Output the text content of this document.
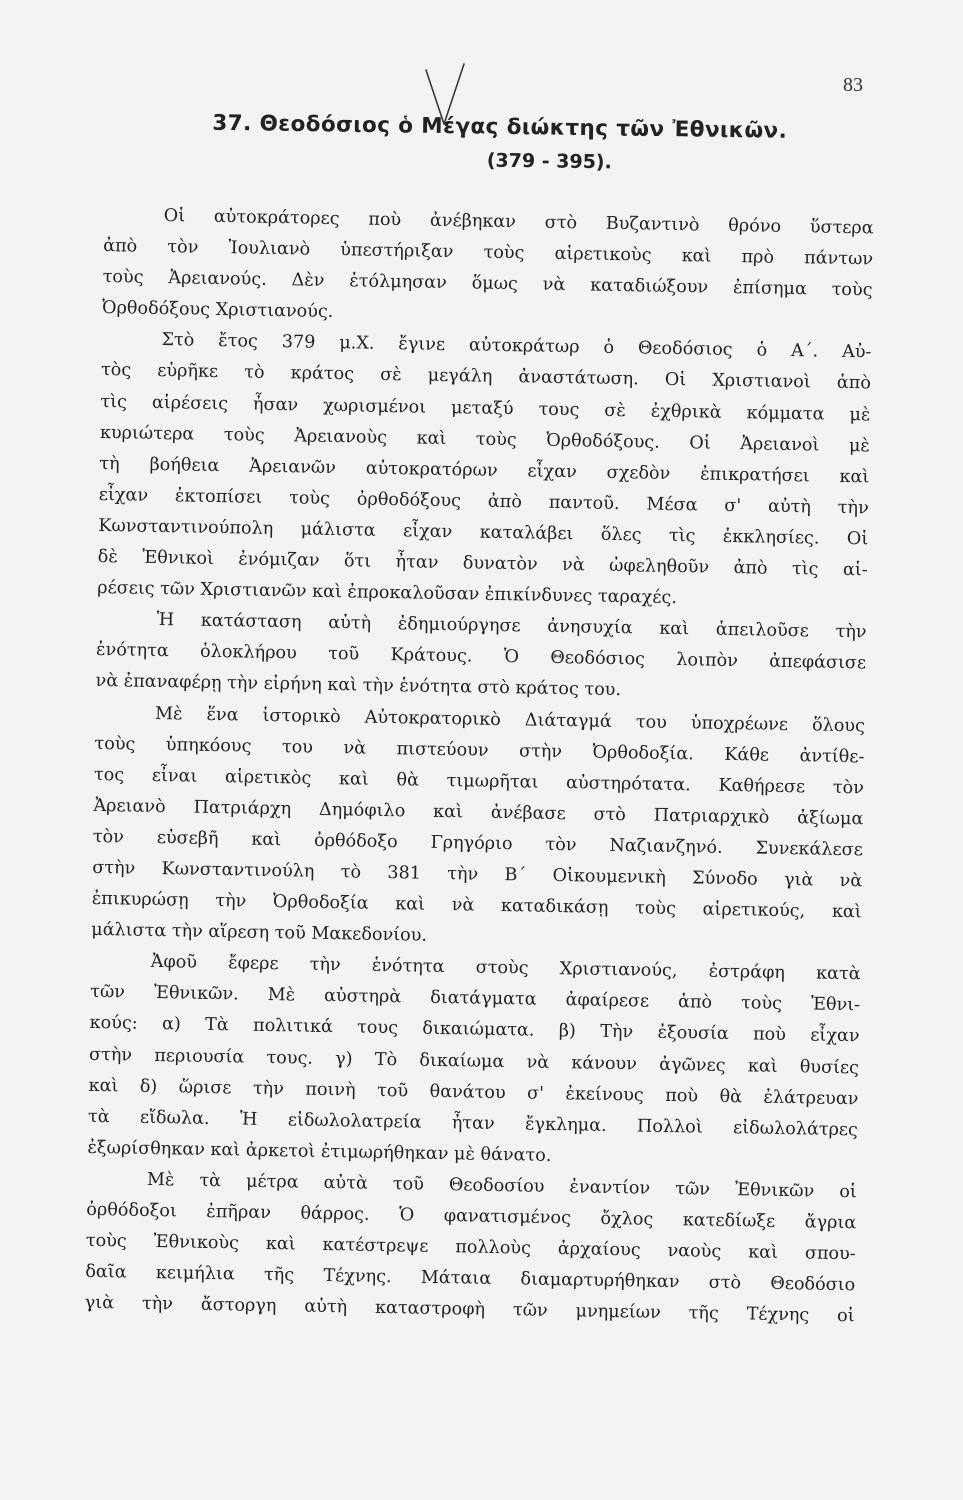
83
37. Θεοδόσιος ὁ Μέγας διώκτης τῶν Ἐθνικῶν.
(379 - 395).
Οἱ αὐτοκράτορες ποὺ ἀνέβηκαν στὸ Βυζαντινὸ θρόνο ὕστερα
ἀπὸ τὸν Ἰουλιανὸ ὑπεστήριξαν τοὺς αἱρετικοὺς καὶ πρὸ πάντων
τοὺς Ἀρειανούς. Δὲν ἐτόλμησαν ὅμως νὰ καταδιώξουν ἐπίσημα τοὺς
Ὀρθοδόξους Χριστιανούς.
Στὸ ἔτος 379 μ.Χ. ἔγινε αὐτοκράτωρ ὁ Θεοδόσιος ὁ Α΄. Αὐ-
τὸς εὑρῆκε τὸ κράτος σὲ μεγάλη ἀναστάτωση. Οἱ Χριστιανοὶ ἀπὸ
τὶς αἱρέσεις ἦσαν χωρισμένοι μεταξύ τους σὲ ἐχθρικὰ κόμματα μὲ
κυριώτερα τοὺς Ἀρειανοὺς καὶ τοὺς Ὀρθοδόξους. Οἱ Ἀρειανοὶ μὲ
τὴ βοήθεια Ἀρειανῶν αὐτοκρατόρων εἶχαν σχεδὸν ἐπικρατήσει καὶ
εἶχαν ἐκτοπίσει τοὺς ὀρθοδόξους ἀπὸ παντοῦ. Μέσα σ' αὐτὴ τὴν
Κωνσταντινούπολη μάλιστα εἶχαν καταλάβει ὅλες τὶς ἐκκλησίες. Οἱ
δὲ Ἐθνικοὶ ἐνόμιζαν ὅτι ἦταν δυνατὸν νὰ ὠφεληθοῦν ἀπὸ τὶς αἱ-
ρέσεις τῶν Χριστιανῶν καὶ ἐπροκαλοῦσαν ἐπικίνδυνες ταραχές.
Ἡ κατάσταση αὐτὴ ἐδημιούργησε ἀνησυχία καὶ ἀπειλοῦσε τὴν
ἑνότητα ὁλοκλήρου τοῦ Κράτους. Ὁ Θεοδόσιος λοιπὸν ἀπεφάσισε
νὰ ἐπαναφέρῃ τὴν εἰρήνη καὶ τὴν ἑνότητα στὸ κράτος του.
Μὲ ἕνα ἱστορικὸ Αὐτοκρατορικὸ Διάταγμά του ὑποχρέωνε ὅλους
τοὺς ὑπηκόους του νὰ πιστεύουν στὴν Ὀρθοδοξία. Κάθε ἀντίθε-
τος εἶναι αἱρετικὸς καὶ θὰ τιμωρῆται αὐστηρότατα. Καθήρεσε τὸν
Ἀρειανὸ Πατριάρχη Δημόφιλο καὶ ἀνέβασε στὸ Πατριαρχικὸ ἀξίωμα
τὸν εὐσεβῆ καὶ ὀρθόδοξο Γρηγόριο τὸν Ναζιανζηνό. Συνεκάλεσε
στὴν Κωνσταντινούλη τὸ 381 τὴν Β΄ Οἰκουμενικὴ Σύνοδο γιὰ νὰ
ἐπικυρώσῃ τὴν Ὀρθοδοξία καὶ νὰ καταδικάσῃ τοὺς αἱρετικούς, καὶ
μάλιστα τὴν αἵρεση τοῦ Μακεδονίου.
Ἀφοῦ ἔφερε τὴν ἑνότητα στοὺς Χριστιανούς, ἐστράφη κατὰ
τῶν Ἐθνικῶν. Μὲ αὐστηρὰ διατάγματα ἀφαίρεσε ἀπὸ τοὺς Ἐθνι-
κούς: α) Τὰ πολιτικά τους δικαιώματα. β) Τὴν ἐξουσία ποὺ εἶχαν
στὴν περιουσία τους. γ) Τὸ δικαίωμα νὰ κάνουν ἀγῶνες καὶ θυσίες
καὶ δ) ὥρισε τὴν ποινὴ τοῦ θανάτου σ' ἐκείνους ποὺ θὰ ἐλάτρευαν
τὰ εἴδωλα. Ἡ εἰδωλολατρεία ἦταν ἔγκλημα. Πολλοὶ εἰδωλολάτρες
ἐξωρίσθηκαν καὶ ἀρκετοὶ ἐτιμωρήθηκαν μὲ θάνατο.
Μὲ τὰ μέτρα αὐτὰ τοῦ Θεοδοσίου ἐναντίον τῶν Ἐθνικῶν οἱ
ὀρθόδοξοι ἐπῆραν θάρρος. Ὁ φανατισμένος ὄχλος κατεδίωξε ἄγρια
τοὺς Ἐθνικοὺς καὶ κατέστρεψε πολλοὺς ἀρχαίους ναοὺς καὶ σπου-
δαῖα κειμήλια τῆς Τέχνης. Μάταια διαμαρτυρήθηκαν στὸ Θεοδόσιο
γιὰ τὴν ἄστοργη αὐτὴ καταστροφὴ τῶν μνημείων τῆς Τέχνης οἱ
